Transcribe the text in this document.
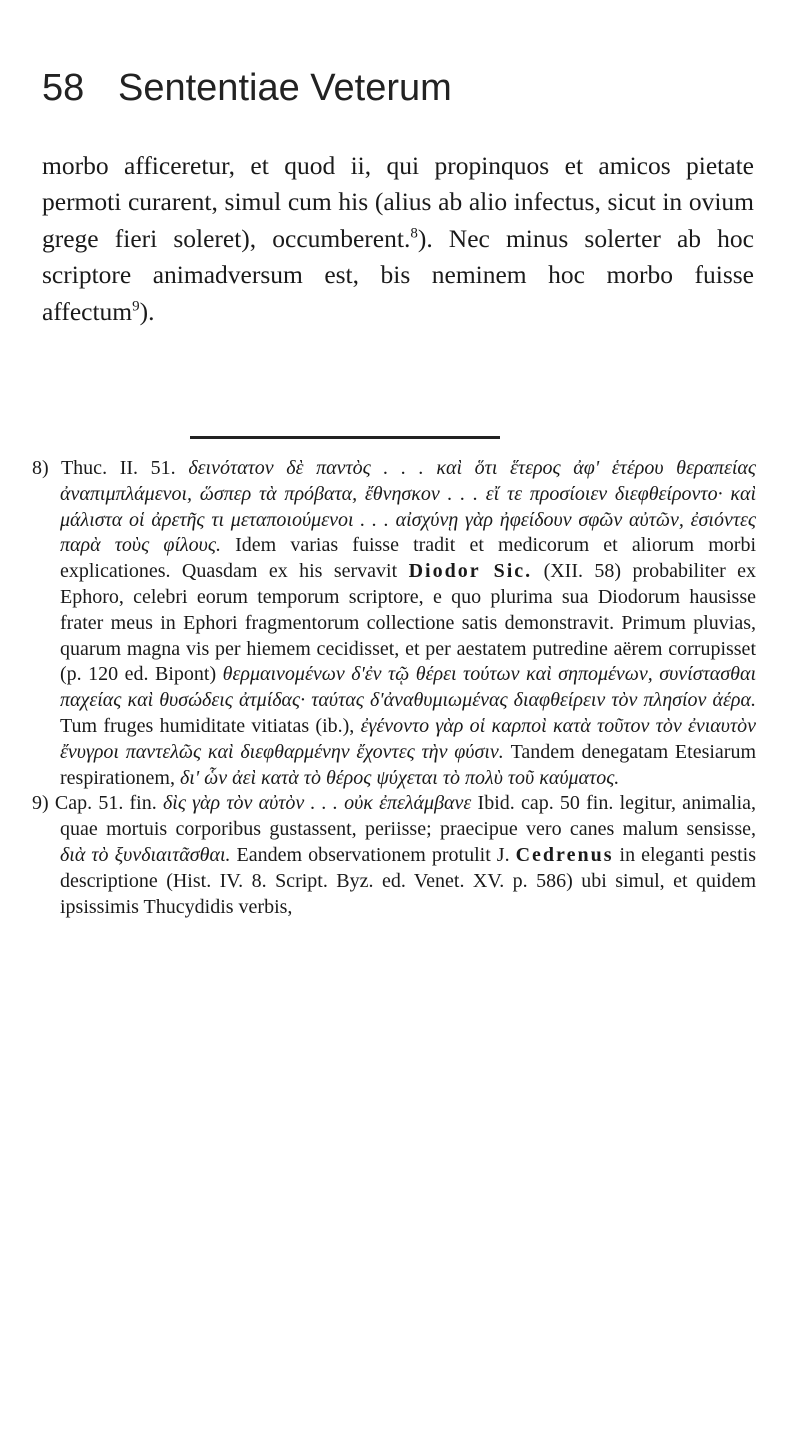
58 Sententiae Veterum

morbo afficeretur, et quod ii, qui propinquos et amicos pietate permoti curarent, simul cum his (alius ab alio infectus, sicut in ovium grege fieri soleret), occumberent.$^8$). Nec minus solerter ab hoc scriptore animadversum est, bis neminem hoc morbo fuisse affectum$^9$).

8) Thuc. II. 51. δεινότατον δὲ παντὸς . . . καὶ ὅτι ἕτερος ἀφ' ἑτέρου θεραπείας ἀναπιμπλάμενοι, ὥσπερ τὰ πρόβατα, ἔθνησκον . . . εἴ τε προσίοιεν διεφθείροντο· καὶ μάλιστα οἱ ἀρετῆς τι μεταποιούμενοι . . . αἰσχύνῃ γὰρ ἠφείδουν σφῶν αὐτῶν, ἐσιόντες παρὰ τοὺς φίλους. Idem varias fuisse tradit et medicorum et aliorum morbi explicationes. Quasdam ex his servavit Diodor Sic. (XII. 58) probabiliter ex Ephoro, celebri eorum temporum scriptore, e quo plurima sua Diodorum hausisse frater meus in Ephori fragmentorum collectione satis demonstravit. Primum pluvias, quarum magna vis per hiemem cecidisset, et per aestatem putredine aërem corrupisset (p. 120 ed. Bipont) θερμαινομένων δ'ἐν τῷ θέρει τούτων καὶ σηπομένων, συνίστασθαι παχείας καὶ θυσώδεις ἀτμίδας· ταύτας δ'ἀναθυμιωμένας διαφθείρειν τὸν πλησίον ἀέρα. Tum fruges humiditate vitiatas (ib.), ἐγένοντο γὰρ οἱ καρποὶ κατὰ τοῦτον τὸν ἐνιαυτὸν ἔνυγροι παντελῶς καὶ διεφθαρμένην ἔχοντες τὴν φύσιν. Tandem denegatam Etesiarum respirationem, δι' ὧν ἀεὶ κατὰ τὸ θέρος ψύχεται τὸ πολὺ τοῦ καύματος.

9) Cap. 51. fin. δὶς γὰρ τὸν αὐτὸν . . . οὐκ ἐπελάμβανε Ibid. cap. 50 fin. legitur, animalia, quae mortuis corporibus gustassent, periisse; praecipue vero canes malum sensisse, διὰ τὸ ξυνδιαιτᾶσθαι. Eandem observationem protulit J. Cedrenus in eleganti pestis descriptione (Hist. IV. 8. Script. Byz. ed. Venet. XV. p. 586) ubi simul, et quidem ipsissimis Thucydidis verbis,
